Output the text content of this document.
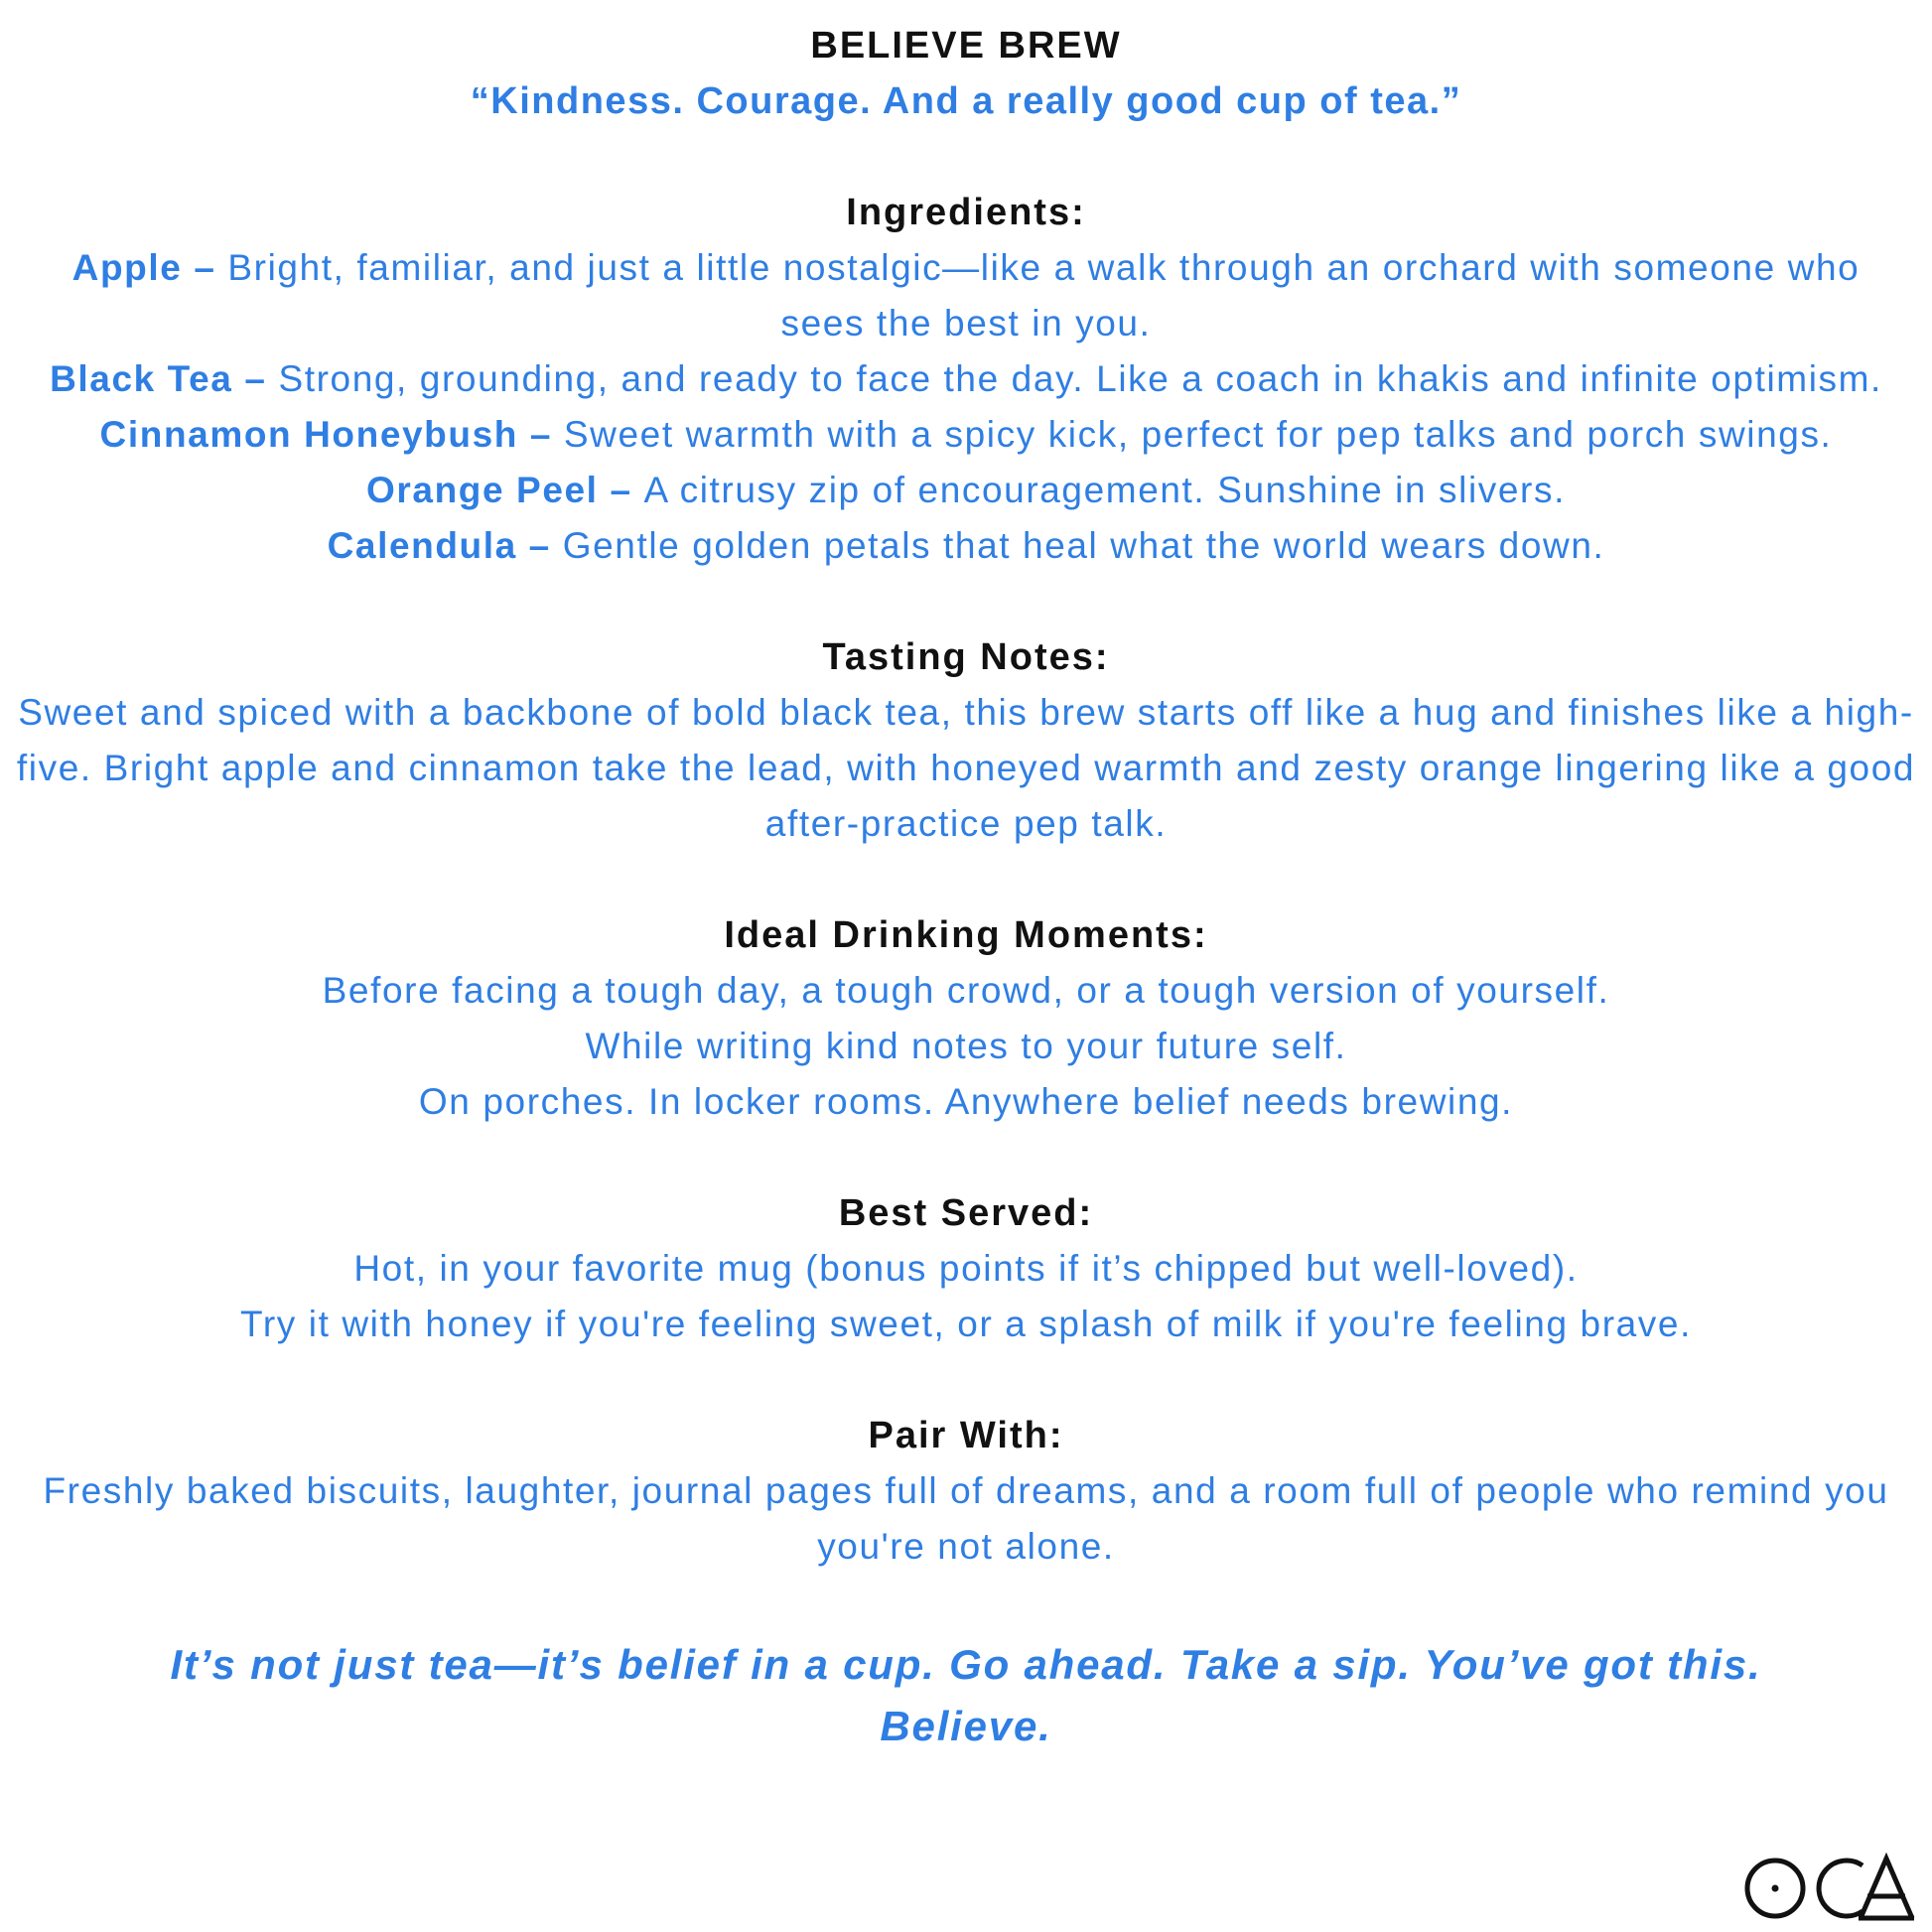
BELIEVE BREW

“Kindness. Courage. And a really good cup of tea.”

Ingredients:

Apple – Bright, familiar, and just a little nostalgic—like a walk through an orchard with someone who sees the best in you.

Black Tea – Strong, grounding, and ready to face the day. Like a coach in khakis and infinite optimism.

Cinnamon Honeybush – Sweet warmth with a spicy kick, perfect for pep talks and porch swings.

Orange Peel – A citrusy zip of encouragement. Sunshine in slivers.

Calendula – Gentle golden petals that heal what the world wears down.

Tasting Notes:

Sweet and spiced with a backbone of bold black tea, this brew starts off like a hug and finishes like a high-five. Bright apple and cinnamon take the lead, with honeyed warmth and zesty orange lingering like a good after-practice pep talk.

Ideal Drinking Moments:

Before facing a tough day, a tough crowd, or a tough version of yourself.

While writing kind notes to your future self.

On porches. In locker rooms. Anywhere belief needs brewing.

Best Served:

Hot, in your favorite mug (bonus points if it’s chipped but well-loved).

Try it with honey if you're feeling sweet, or a splash of milk if you're feeling brave.

Pair With:

Freshly baked biscuits, laughter, journal pages full of dreams, and a room full of people who remind you you're not alone.

It’s not just tea—it’s belief in a cup. Go ahead. Take a sip. You’ve got this.

Believe.
